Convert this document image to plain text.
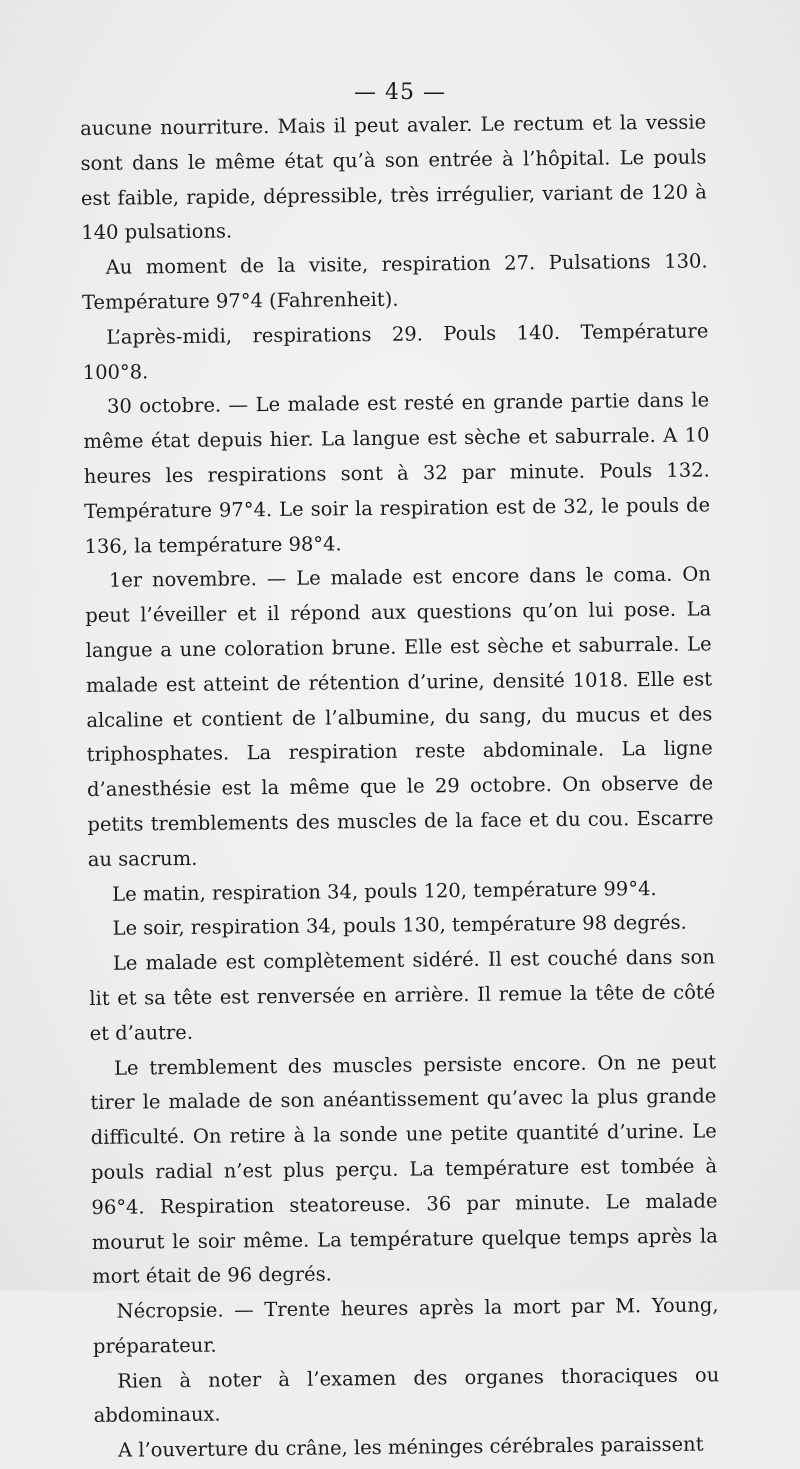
— 45 —

aucune nourriture. Mais il peut avaler. Le rectum et la vessie sont dans le même état qu’à son entrée à l’hôpital. Le pouls est faible, rapide, dépressible, très irrégulier, variant de 120 à 140 pulsations.

Au moment de la visite, respiration 27. Pulsations 130. Température 97°4 (Fahrenheit).

L’après-midi, respirations 29. Pouls 140. Température 100°8.

30 octobre. — Le malade est resté en grande partie dans le même état depuis hier. La langue est sèche et saburrale. A 10 heures les respirations sont à 32 par minute. Pouls 132. Température 97°4. Le soir la respiration est de 32, le pouls de 136, la température 98°4.

1er novembre. — Le malade est encore dans le coma. On peut l’éveiller et il répond aux questions qu’on lui pose. La langue a une coloration brune. Elle est sèche et saburrale. Le malade est atteint de rétention d’urine, densité 1018. Elle est alcaline et contient de l’albumine, du sang, du mucus et des triphosphates. La respiration reste abdominale. La ligne d’anesthésie est la même que le 29 octobre. On observe de petits tremblements des muscles de la face et du cou. Escarre au sacrum.

Le matin, respiration 34, pouls 120, température 99°4.

Le soir, respiration 34, pouls 130, température 98 degrés.

Le malade est complètement sidéré. Il est couché dans son lit et sa tête est renversée en arrière. Il remue la tête de côté et d’autre.

Le tremblement des muscles persiste encore. On ne peut tirer le malade de son anéantissement qu’avec la plus grande difficulté. On retire à la sonde une petite quantité d’urine. Le pouls radial n’est plus perçu. La température est tombée à 96°4. Respiration steatoreuse. 36 par minute. Le malade mourut le soir même. La température quelque temps après la mort était de 96 degrés.

Nécropsie. — Trente heures après la mort par M. Young, préparateur.

Rien à noter à l’examen des organes thoraciques ou abdominaux.

A l’ouverture du crâne, les méninges cérébrales paraissent
